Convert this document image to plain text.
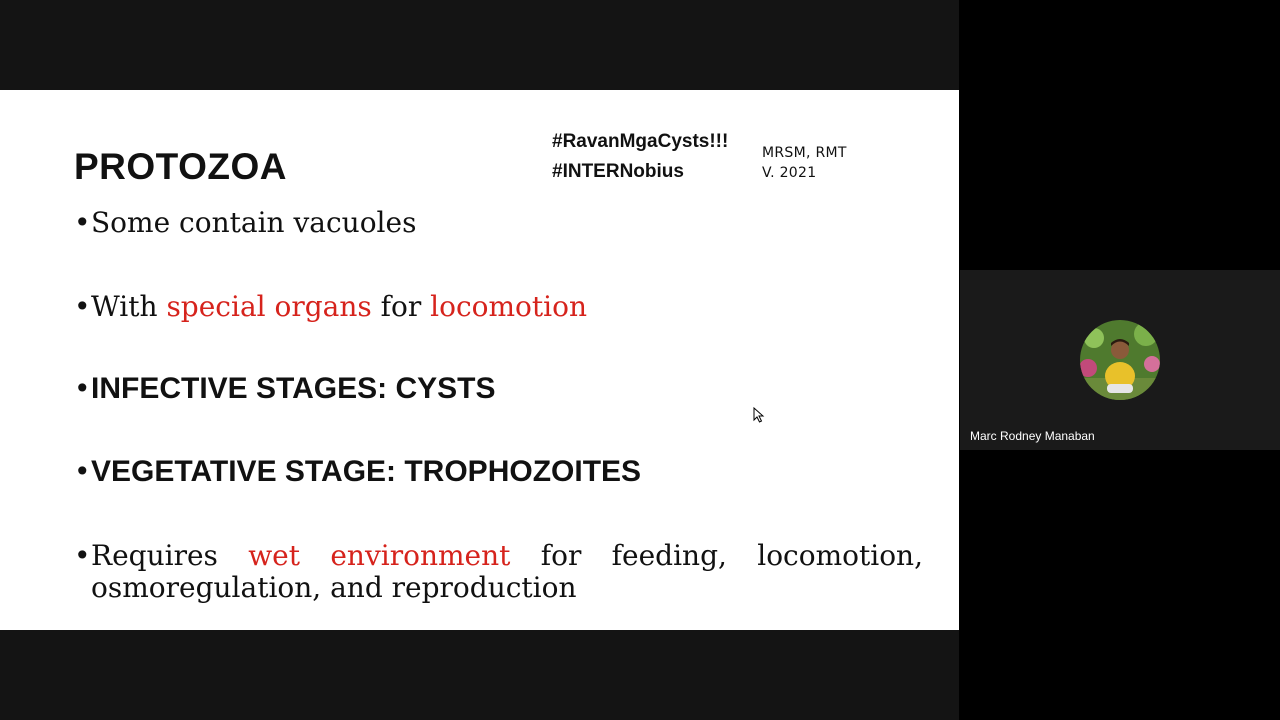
PROTOZOA
#RavanMgaCysts!!!
#INTERNobius
MRSM, RMT
V. 2021
• Some contain vacuoles
• With special organs for locomotion
• INFECTIVE STAGES: CYSTS
• VEGETATIVE STAGE: TROPHOZOITES
• Requires wet environment for feeding, locomotion, osmoregulation, and reproduction
Marc Rodney Manaban
